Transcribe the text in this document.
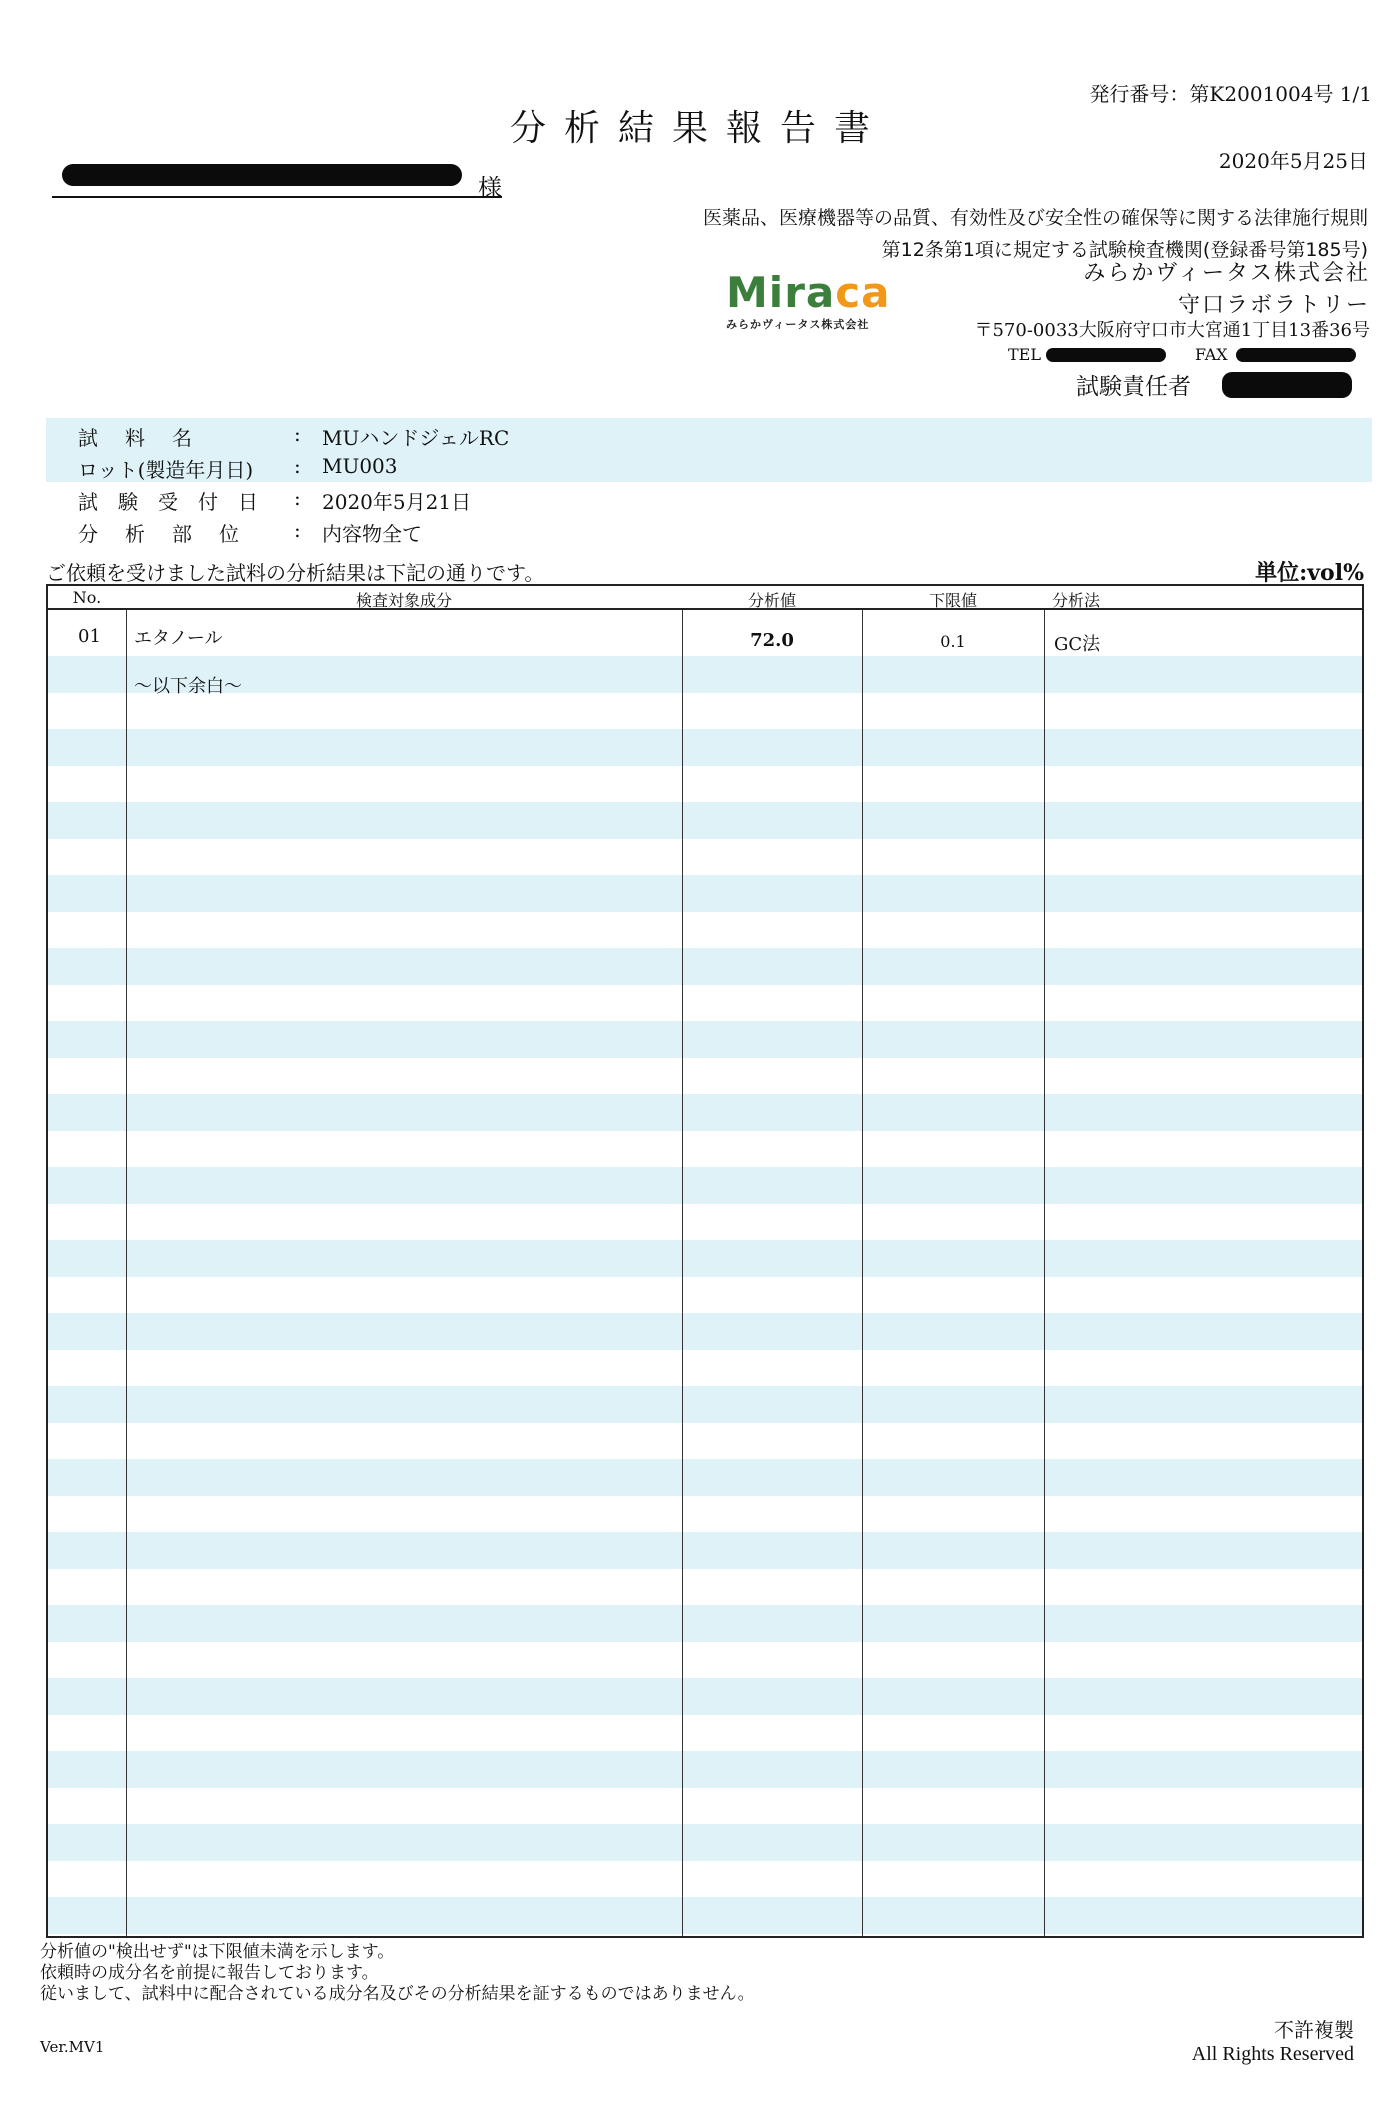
発行番号：第K2001004号 1/1
分析結果報告書
2020年5月25日
様
医薬品、医療機器等の品質、有効性及び安全性の確保等に関する法律施行規則
第12条第1項に規定する試験検査機関(登録番号第185号)
Miraca
みらかヴィータス株式会社
みらかヴィータス株式会社
守口ラボラトリー
〒570-0033大阪府守口市大宮通1丁目13番36号
TEL	FAX
試験責任者
試料名	: MUハンドジェルRC
ロット(製造年月日)	: MU003
試験受付日 : 2020年5月21日
分析部位	: 内容物全て
ご依頼を受けました試料の分析結果は下記の通りです。	単位:vol%
No.	検査対象成分	分析値	下限値	分析法
01 エタノール	72.0	0.1	GC法
～以下余白～
分析値の"検出せず"は下限値未満を示します。
依頼時の成分名を前提に報告しております。
従いまして、試料中に配合されている成分名及びその分析結果を証するものではありません。
Ver.MV1
不許複製
All Rights Reserved
